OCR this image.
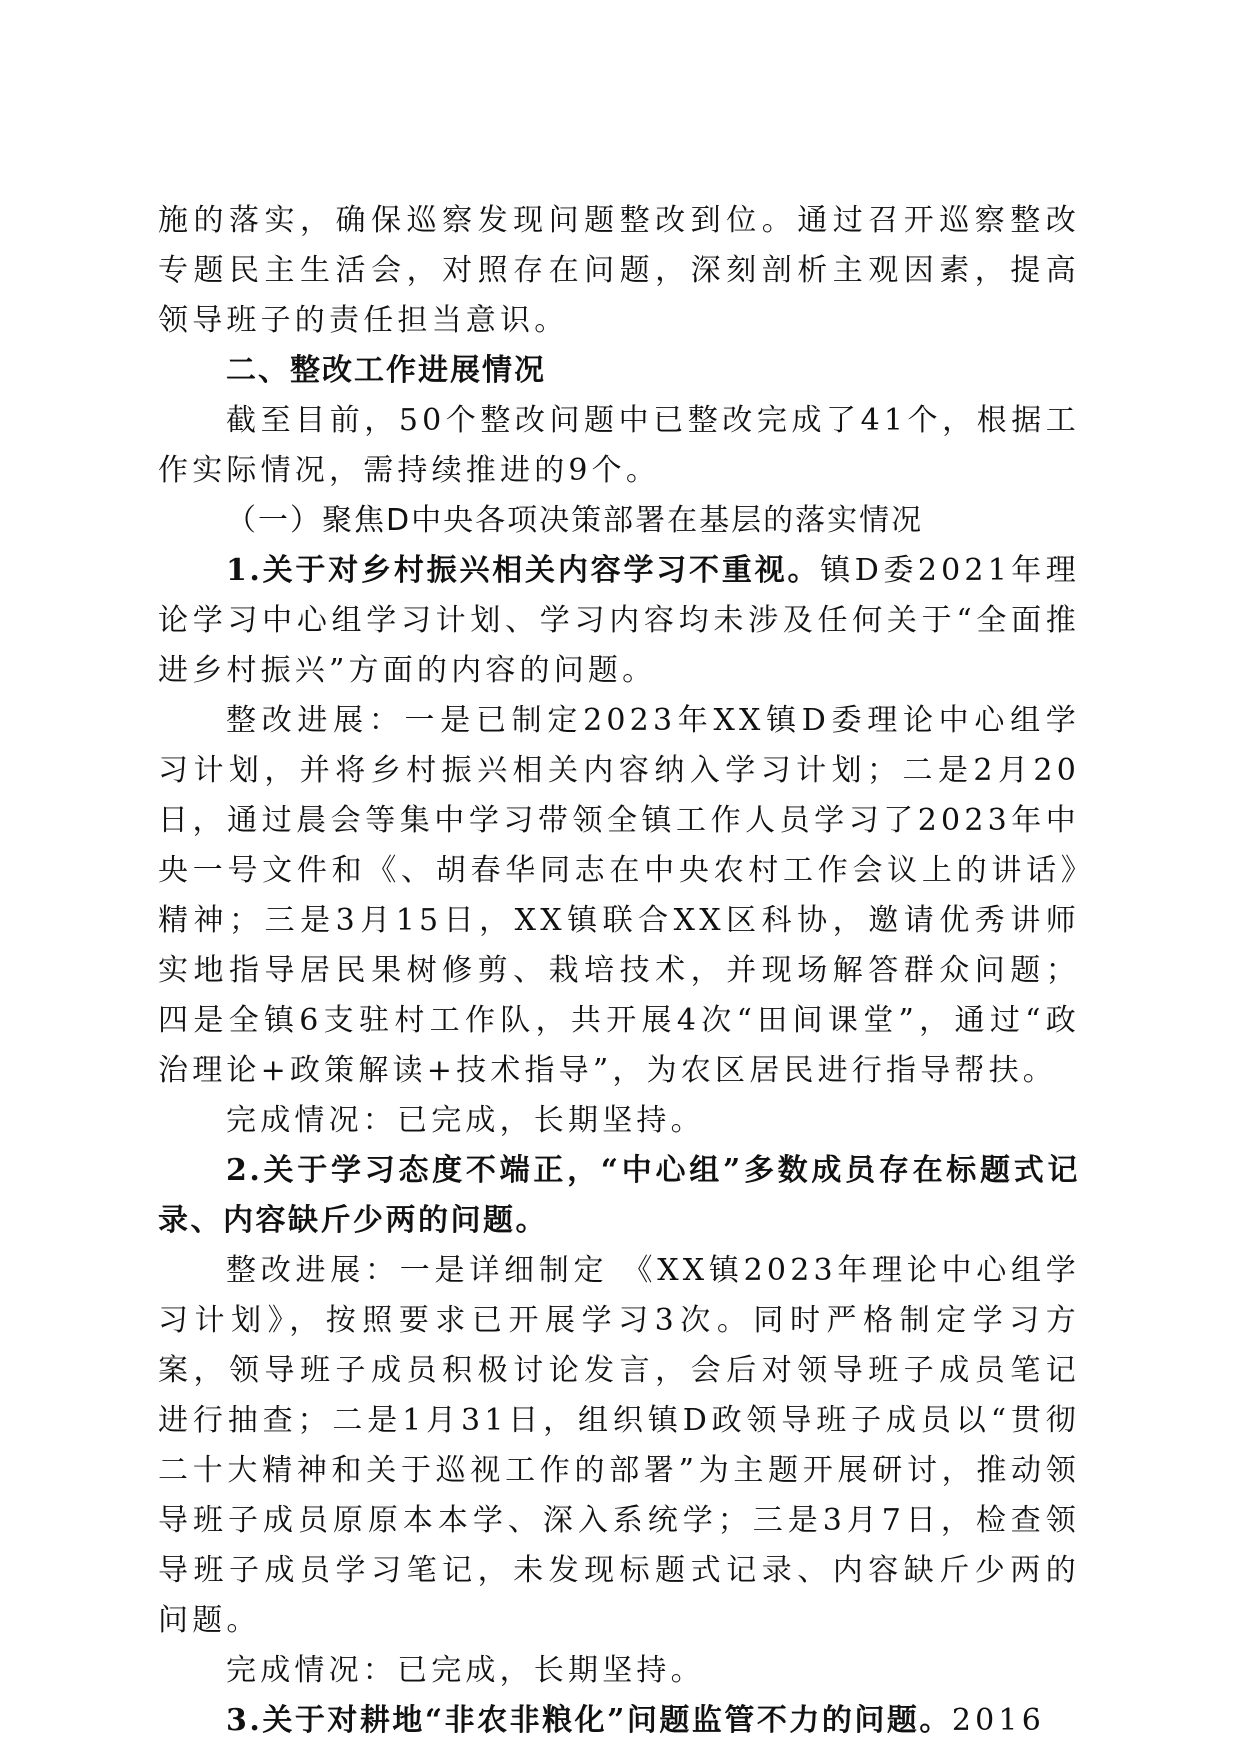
施的落实，确保巡察发现问题整改到位。通过召开巡察整改专题民主生活会，对照存在问题，深刻剖析主观因素，提高领导班子的责任担当意识。

二、整改工作进展情况

截至目前，50个整改问题中已整改完成了41个，根据工作实际情况，需持续推进的9个。

（一）聚焦D中央各项决策部署在基层的落实情况

1.关于对乡村振兴相关内容学习不重视。镇D委2021年理论学习中心组学习计划、学习内容均未涉及任何关于“全面推进乡村振兴”方面的内容的问题。

整改进展：一是已制定2023年XX镇D委理论中心组学习计划，并将乡村振兴相关内容纳入学习计划；二是2月20日，通过晨会等集中学习带领全镇工作人员学习了2023年中央一号文件和《、胡春华同志在中央农村工作会议上的讲话》精神；三是3月15日，XX镇联合XX区科协，邀请优秀讲师实地指导居民果树修剪、栽培技术，并现场解答群众问题；四是全镇6支驻村工作队，共开展4次“田间课堂”，通过“政治理论+政策解读+技术指导”，为农区居民进行指导帮扶。

完成情况：已完成，长期坚持。

2.关于学习态度不端正，“中心组”多数成员存在标题式记录、内容缺斤少两的问题。

整改进展：一是详细制定 《XX镇2023年理论中心组学习计划》，按照要求已开展学习3次。同时严格制定学习方案，领导班子成员积极讨论发言，会后对领导班子成员笔记进行抽查；二是1月31日，组织镇D政领导班子成员以“贯彻二十大精神和关于巡视工作的部署”为主题开展研讨，推动领导班子成员原原本本学、深入系统学；三是3月7日，检查领导班子成员学习笔记，未发现标题式记录、内容缺斤少两的问题。

完成情况：已完成，长期坚持。

3.关于对耕地“非农非粮化”问题监管不力的问题。2016
